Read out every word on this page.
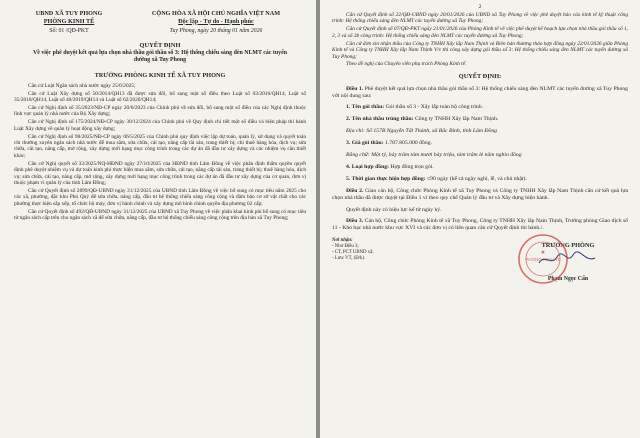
UBND XÃ TUY PHONG
PHÒNG KINH TẾ
CỘNG HÒA XÃ HỘI CHỦ NGHĨA VIỆT NAM
Độc lập - Tự do - Hạnh phúc
Số: 01 /QĐ-PKT	Tuy Phong, ngày 20 tháng 01 năm 2026
QUYẾT ĐỊNH
Về việc phê duyệt kết quả lựa chọn nhà thầu gói thầu số 3: Hệ thống chiếu sáng đèn NLMT các tuyến đường xã Tuy Phong
TRƯỞNG PHÒNG KINH TẾ XÃ TUY PHONG

Căn cứ Luật Ngân sách nhà nước ngày 25/6/2025;

Căn cứ Luật Xây dựng số 50/2014/QH13 đã được sửa đổi, bổ sung một số điều theo Luật số 03/2016/QH14, Luật số 35/2018/QH14, Luật số 40/2019/QH14 và Luật số 62/2020/QH14;

Căn cứ Nghị định số 35/2023/NĐ-CP ngày 20/6/2023 của Chính phủ về sửa đổi, bổ sung một số điều của các Nghị định thuộc lĩnh vực quản lý nhà nước của Bộ Xây dựng;

Căn cứ Nghị định số 175/2024/NĐ-CP ngày 30/12/2024 của Chính phủ về Quy định chi tiết một số điều và biện pháp thi hành Luật Xây dựng về quản lý hoạt động xây dựng;

Căn cứ Nghị định số 98/2025/NĐ-CP ngày 06/5/2025 của Chính phủ quy định việc lập dự toán, quản lý, sử dụng và quyết toán chi thường xuyên ngân sách nhà nước để mua sắm, sửa chữa, cải tạo, nâng cấp tài sản, trang thiết bị; chi thuê hàng hóa, dịch vụ; sửa chữa, cải tạo, nâng cấp, mở rộng, xây dựng mới hạng mục công trình trong các dự án đã đầu tư xây dựng và các nhiệm vụ cần thiết khác;

Căn cứ Nghị quyết số 33/2025/NQ-HĐND ngày 27/10/2025 của HĐND tỉnh Lâm Đồng về việc phân định thẩm quyền quyết định phê duyệt nhiệm vụ và dự toán kinh phí thực hiện mua sắm, sửa chữa, cải tạo, nâng cấp tài sản, trang thiết bị; thuê hàng hóa, dịch vụ; sửa chữa, cải tạo, nâng cấp, mở rộng, xây dựng mới hạng mục công trình trong các dự án đã đầu tư xây dựng của cơ quan, đơn vị thuộc phạm vi quản lý của tỉnh Lâm Đồng;

Căn cứ Quyết định số 2899/QĐ-UBND ngày 31/12/2025 của UBND tỉnh Lâm Đồng về việc bổ sung có mục tiêu năm 2025 cho các xã, phường, đặc khu Phú Quý để sửa chữa, nâng cấp, đầu tư hệ thống chiếu sáng công cộng và đảm bảo cơ sở vật chất cho các phường thực hiện sắp xếp, tổ chức bộ máy, đơn vị hành chính và xây dựng mô hình chính quyền địa phương 02 cấp;

Căn cứ Quyết định số 492/QĐ-UBND ngày 31/12/2025 của UBND xã Tuy Phong về việc phân khai kinh phí bổ sung có mục tiêu từ ngân sách cấp trên cho ngân sách xã để sửa chữa, nâng cấp, đầu tư hệ thống chiếu sáng công cộng trên địa bàn xã Tuy Phong;

2

Căn cứ Quyết định số 22/QĐ-UBND ngày 20/01/2026 của UBND xã Tuy Phong về việc phê duyệt báo cáo kinh tế kỹ thuật công trình: Hệ thống chiếu sáng đèn NLMT các tuyến đường xã Tuy Phong;

Căn cứ Quyết định số 07/QĐ-PKT ngày 21/01/2026 của Phòng Kinh tế về việc phê duyệt kế hoạch lựa chọn nhà thầu gói thầu số 1, 2, 3 và số 3b công trình: Hệ thống chiếu sáng đèn NLMT các tuyến đường xã Tuy Phong;

Căn cứ đơn xin nhận thầu của Công ty TNHH Xây lắp Nam Thịnh và Biên bản thương thảo hợp đồng ngày 22/01/2026 giữa Phòng Kinh tế và Công ty TNHH Xây lắp Nam Thịnh V/v thi công xây dựng gói thầu số 3: Hệ thống chiếu sáng đèn NLMT các tuyến đường xã Tuy Phong;

Theo đề nghị của Chuyên viên phụ trách Phòng Kinh tế.

QUYẾT ĐỊNH:

Điều 1. Phê duyệt kết quả lựa chọn nhà thầu gói thầu số 3: Hệ thống chiếu sáng đèn NLMT các tuyến đường xã Tuy Phong với nội dung sau:

1. Tên gói thầu: Gói thầu số 3 - Xây lắp toàn bộ công trình.

2. Tên nhà thầu trúng thầu: Công ty TNHH Xây lắp Nam Thịnh.

Địa chỉ: Số 157B Nguyễn Tất Thành, xã Bắc Bình, tỉnh Lâm Đồng

3. Giá gói thầu: 1.787.805.000 đồng.

Bằng chữ: Một tỷ, bảy trăm tám mươi bảy triệu, tám trăm lẻ năm nghìn đồng

4. Loại hợp đồng: Hợp đồng trọn gói.

5. Thời gian thực hiện hợp đồng: ≤90 ngày (kể cả ngày nghỉ, lễ, và chủ nhật).

Điều 2. Giao cán bộ, Công chức Phòng Kinh tế xã Tuy Phong và Công ty TNHH Xây lắp Nam Thịnh căn cứ kết quả lựa chọn nhà thầu đã được duyệt tại Điều 1 vì theo quy chế Quản lý đầu tư và Xây dựng hiện hành.

Quyết định này có hiệu lực kể từ ngày ký.

Điều 3. Cán bộ, Công chức Phòng Kinh tế xã Tuy Phong, Công ty TNHH Xây lắp Nam Thịnh, Trưởng phòng Giao dịch số 11 - Kho bạc nhà nước khu vực XVI và các đơn vị có liên quan căn cứ Quyết định thi hành./.

Nơi nhận:
- Như Điều 3;
- CT, PCT UBND xã;
- Lưu: VT, (Đ/k).	PHÒNG KINH TẾ
★
TRƯỞNG PHÒNG
Phạm Ngọc Cẩn
